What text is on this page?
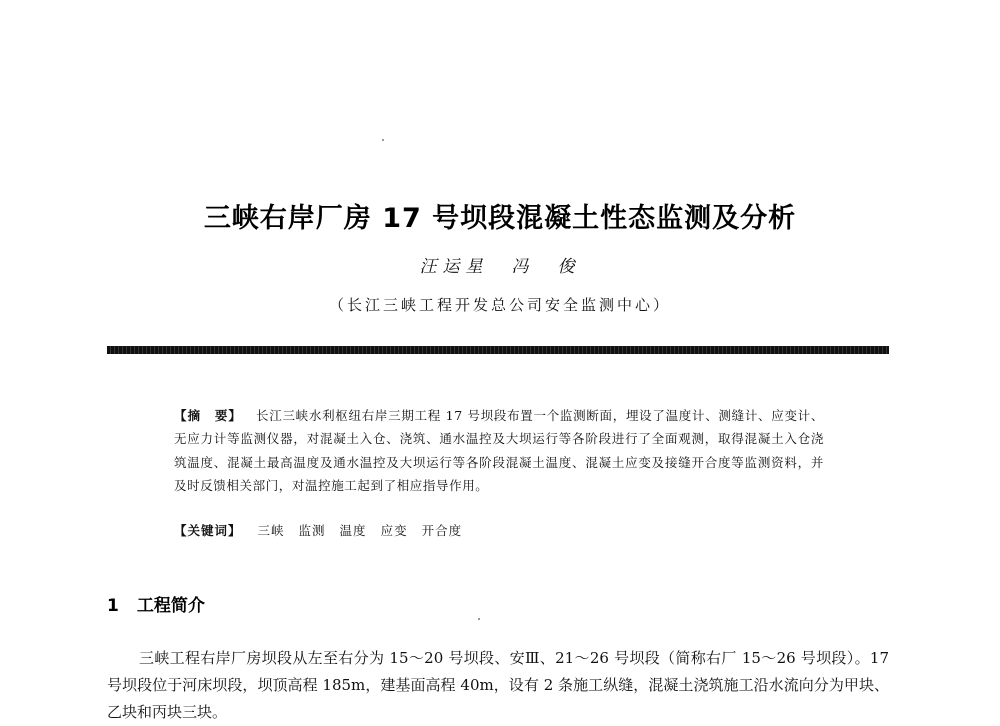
三峡右岸厂房 17 号坝段混凝土性态监测及分析
汪运星　冯　俊
（长江三峡工程开发总公司安全监测中心）
【摘　要】 长江三峡水利枢纽右岸三期工程 17 号坝段布置一个监测断面，埋设了温度计、测缝计、应变计、无应力计等监测仪器，对混凝土入仓、浇筑、通水温控及大坝运行等各阶段进行了全面观测，取得混凝土入仓浇筑温度、混凝土最高温度及通水温控及大坝运行等各阶段混凝土温度、混凝土应变及接缝开合度等监测资料，并及时反馈相关部门，对温控施工起到了相应指导作用。
【关键词】 三峡 监测 温度 应变 开合度
1 工程简介
三峡工程右岸厂房坝段从左至右分为 15～20 号坝段、安Ⅲ、21～26 号坝段（简称右厂 15～26 号坝段）。17 号坝段位于河床坝段，坝顶高程 185m，建基面高程 40m，设有 2 条施工纵缝，混凝土浇筑施工沿水流向分为甲块、乙块和丙块三块。
